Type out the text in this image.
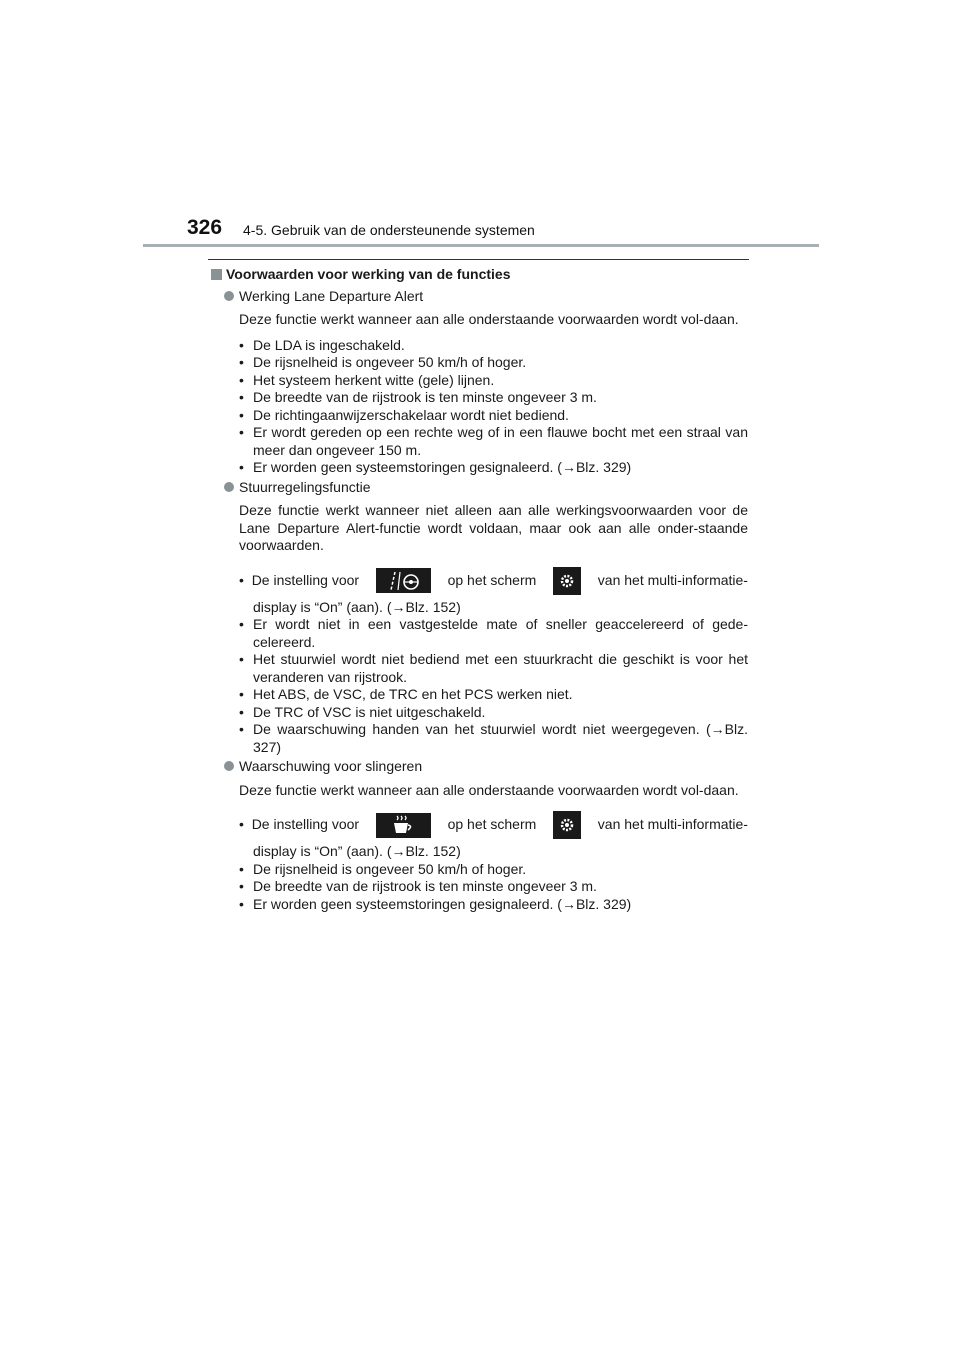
326 4-5. Gebruik van de ondersteunende systemen
Voorwaarden voor werking van de functies
Werking Lane Departure Alert

Deze functie werkt wanneer aan alle onderstaande voorwaarden wordt vol-daan.

• De LDA is ingeschakeld.
• De rijsnelheid is ongeveer 50 km/h of hoger.
• Het systeem herkent witte (gele) lijnen.
• De breedte van de rijstrook is ten minste ongeveer 3 m.
• De richtingaanwijzerschakelaar wordt niet bediend.
• Er wordt gereden op een rechte weg of in een flauwe bocht met een straal van meer dan ongeveer 150 m.
• Er worden geen systeemstoringen gesignaleerd. (→Blz. 329)
Stuurregelingsfunctie

Deze functie werkt wanneer niet alleen aan alle werkingsvoorwaarden voor de Lane Departure Alert-functie wordt voldaan, maar ook aan alle onder-staande voorwaarden.

•  De instelling voor	op het scherm	van het multi-informatie-
display is “On” (aan). (→Blz. 152)
• Er wordt niet in een vastgestelde mate of sneller geaccelereerd of gede-celereerd.
• Het stuurwiel wordt niet bediend met een stuurkracht die geschikt is voor het veranderen van rijstrook.
• Het ABS, de VSC, de TRC en het PCS werken niet.
• De TRC of VSC is niet uitgeschakeld.
• De waarschuwing handen van het stuurwiel wordt niet weergegeven. (→Blz. 327)
Waarschuwing voor slingeren

Deze functie werkt wanneer aan alle onderstaande voorwaarden wordt vol-daan.

•  De instelling voor	op het scherm	van het multi-informatie-
display is “On” (aan). (→Blz. 152)
• De rijsnelheid is ongeveer 50 km/h of hoger.
• De breedte van de rijstrook is ten minste ongeveer 3 m.
• Er worden geen systeemstoringen gesignaleerd. (→Blz. 329)
